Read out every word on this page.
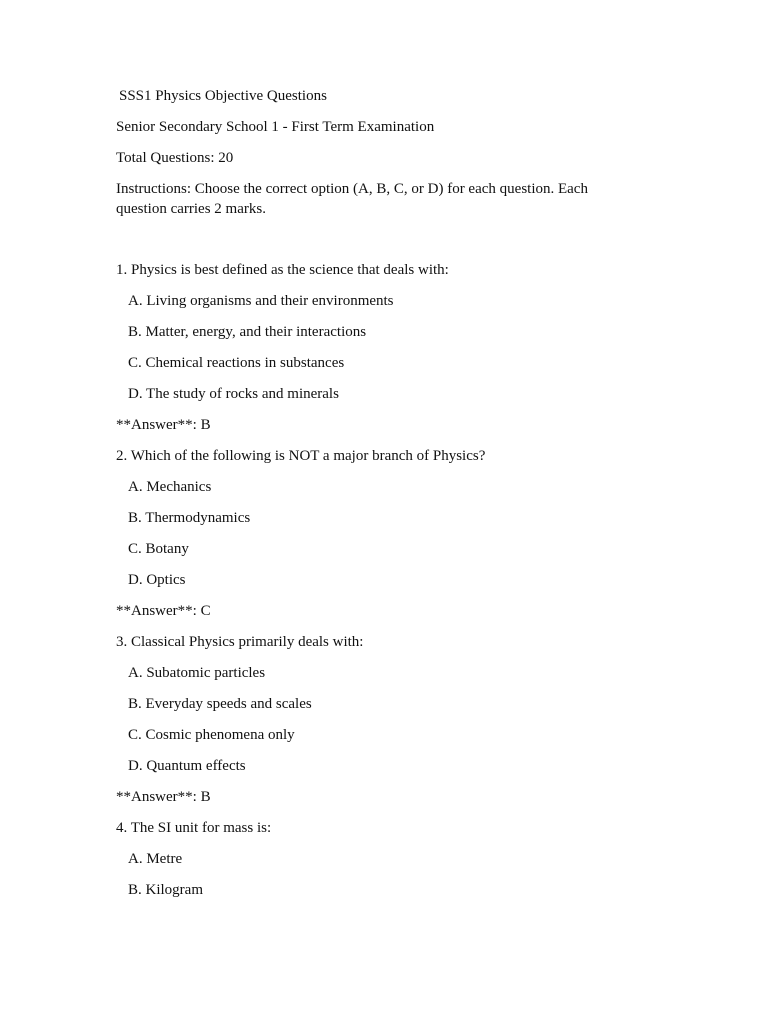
SSS1 Physics Objective Questions

Senior Secondary School 1 - First Term Examination

Total Questions: 20

Instructions: Choose the correct option (A, B, C, or D) for each question. Each question carries 2 marks.

1. Physics is best defined as the science that deals with:

A. Living organisms and their environments

B. Matter, energy, and their interactions

C. Chemical reactions in substances

D. The study of rocks and minerals

**Answer**: B

2. Which of the following is NOT a major branch of Physics?

A. Mechanics

B. Thermodynamics

C. Botany

D. Optics

**Answer**: C

3. Classical Physics primarily deals with:

A. Subatomic particles

B. Everyday speeds and scales

C. Cosmic phenomena only

D. Quantum effects

**Answer**: B

4. The SI unit for mass is:

A. Metre

B. Kilogram
